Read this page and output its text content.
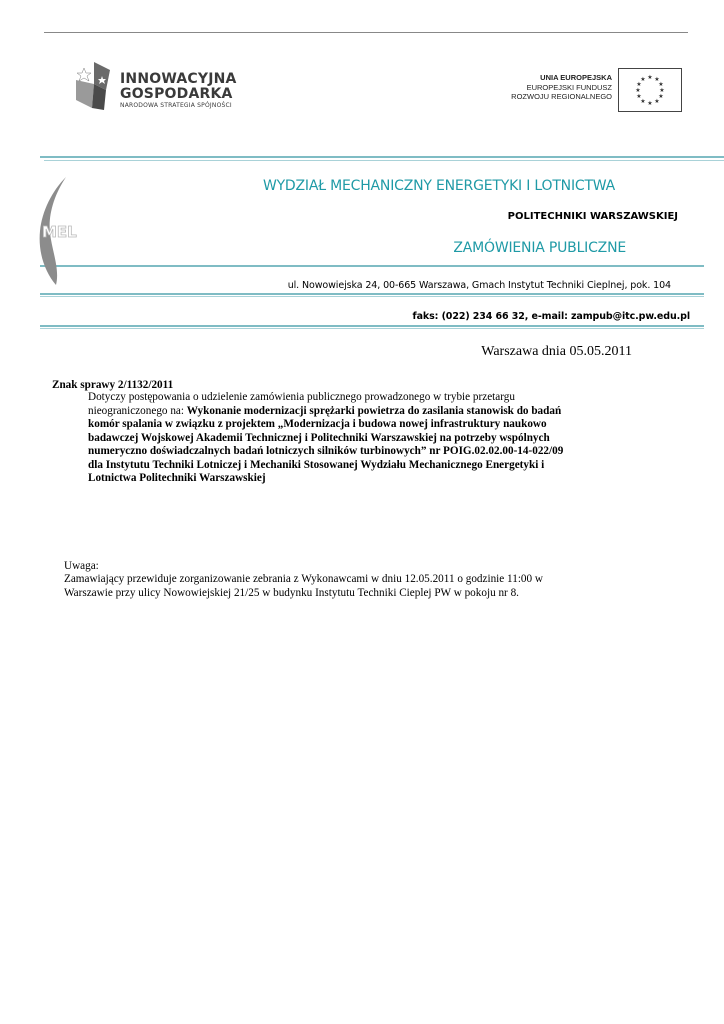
INNOWACYJNA
GOSPODARKA
NARODOWA STRATEGIA SPÓJNOŚCI
UNIA EUROPEJSKA
EUROPEJSKI FUNDUSZ
ROZWOJU REGIONALNEGO
★ ★
★
★
★
★
★
★
★
★
★
★
MEL
WYDZIAŁ MECHANICZNY ENERGETYKI I LOTNICTWA
POLITECHNIKI WARSZAWSKIEJ
ZAMÓWIENIA PUBLICZNE
ul. Nowowiejska 24, 00-665 Warszawa, Gmach Instytut Techniki Cieplnej, pok. 104
faks: (022) 234 66 32, e-mail: zampub@itc.pw.edu.pl
Warszawa dnia 05.05.2011
Znak sprawy 2/1132/2011
Dotyczy postępowania o udzielenie zamówienia publicznego prowadzonego w trybie przetargu
nieograniczonego na: Wykonanie modernizacji sprężarki powietrza do zasilania stanowisk do badań
komór spalania w związku z projektem „Modernizacja i budowa nowej infrastruktury naukowo
badawczej Wojskowej Akademii Technicznej i Politechniki Warszawskiej na potrzeby wspólnych
numeryczno doświadczalnych badań lotniczych silników turbinowych” nr POIG.02.02.00-14-022/09
dla Instytutu Techniki Lotniczej i Mechaniki Stosowanej Wydziału Mechanicznego Energetyki i
Lotnictwa Politechniki Warszawskiej
Uwaga:
Zamawiający przewiduje zorganizowanie zebrania z Wykonawcami w dniu 12.05.2011 o godzinie 11:00 w
Warszawie przy ulicy Nowowiejskiej 21/25 w budynku Instytutu Techniki Cieplej PW w pokoju nr 8.
